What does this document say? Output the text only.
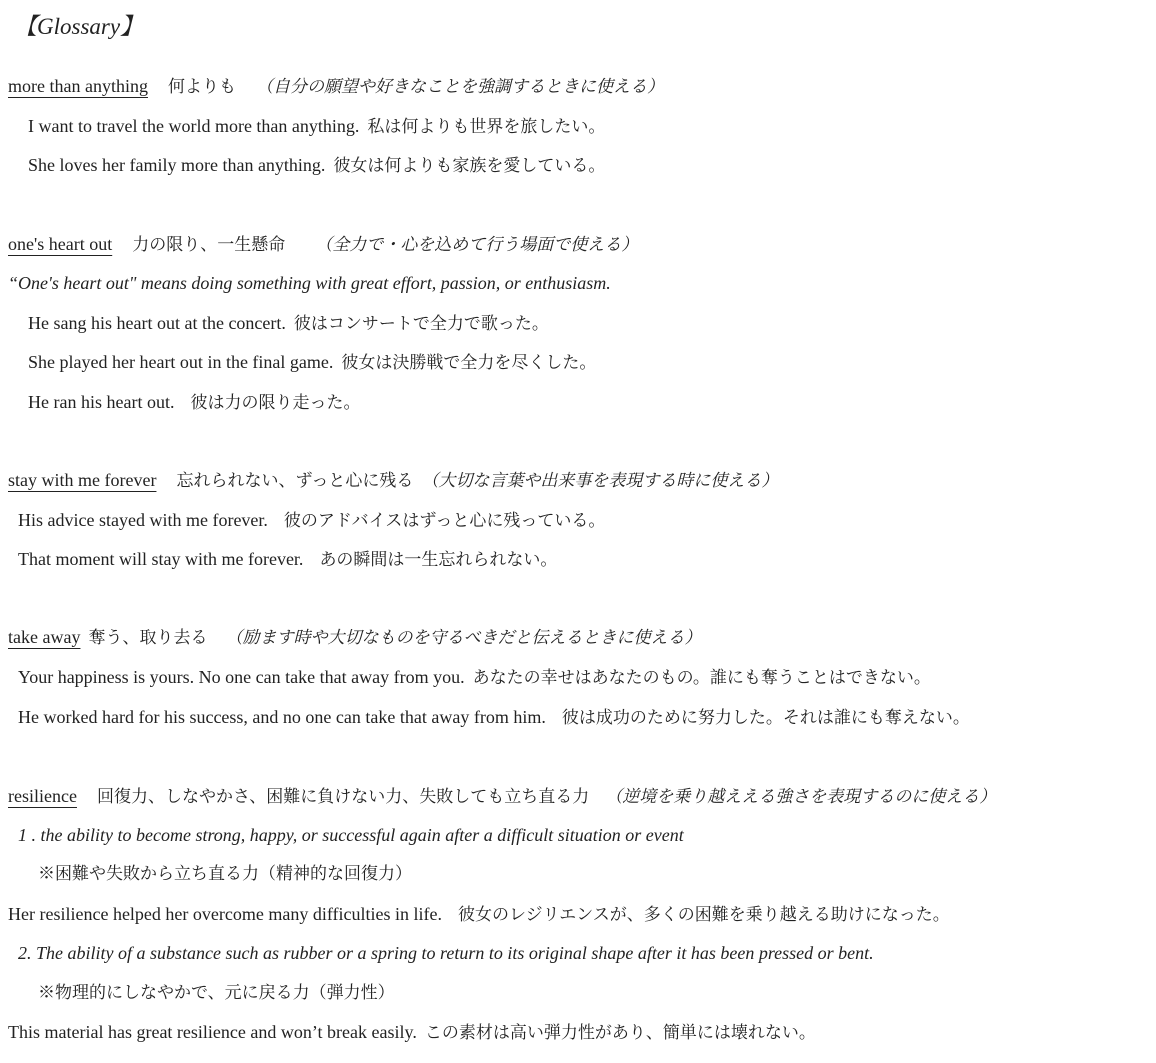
【Glossary】
more than anything 何よりも （自分の願望や好きなことを強調するときに使える）
I want to travel the world more than anything. 私は何よりも世界を旅したい。
She loves her family more than anything. 彼女は何よりも家族を愛している。
one's heart out 力の限り、一生懸命 （全力で・心を込めて行う場面で使える）
“One's heart out" means doing something with great effort, passion, or enthusiasm.
He sang his heart out at the concert. 彼はコンサートで全力で歌った。
She played her heart out in the final game. 彼女は決勝戦で全力を尽くした。
He ran his heart out. 彼は力の限り走った。
stay with me forever 忘れられない、ずっと心に残る （大切な言葉や出来事を表現する時に使える）
His advice stayed with me forever. 彼のアドバイスはずっと心に残っている。
That moment will stay with me forever. あの瞬間は一生忘れられない。
take away 奪う、取り去る （励ます時や大切なものを守るべきだと伝えるときに使える）
Your happiness is yours. No one can take that away from you. あなたの幸せはあなたのもの。誰にも奪うことはできない。
He worked hard for his success, and no one can take that away from him. 彼は成功のために努力した。それは誰にも奪えない。
resilience 回復力、しなやかさ、困難に負けない力、失敗しても立ち直る力 （逆境を乗り越ええる強さを表現するのに使える）
1 . the ability to become strong, happy, or successful again after a difficult situation or event
※困難や失敗から立ち直る力（精神的な回復力）
Her resilience helped her overcome many difficulties in life. 彼女のレジリエンスが、多くの困難を乗り越える助けになった。
2. The ability of a substance such as rubber or a spring to return to its original shape after it has been pressed or bent.
※物理的にしなやかで、元に戻る力（弾力性）
This material has great resilience and won’t break easily. この素材は高い弾力性があり、簡単には壊れない。
